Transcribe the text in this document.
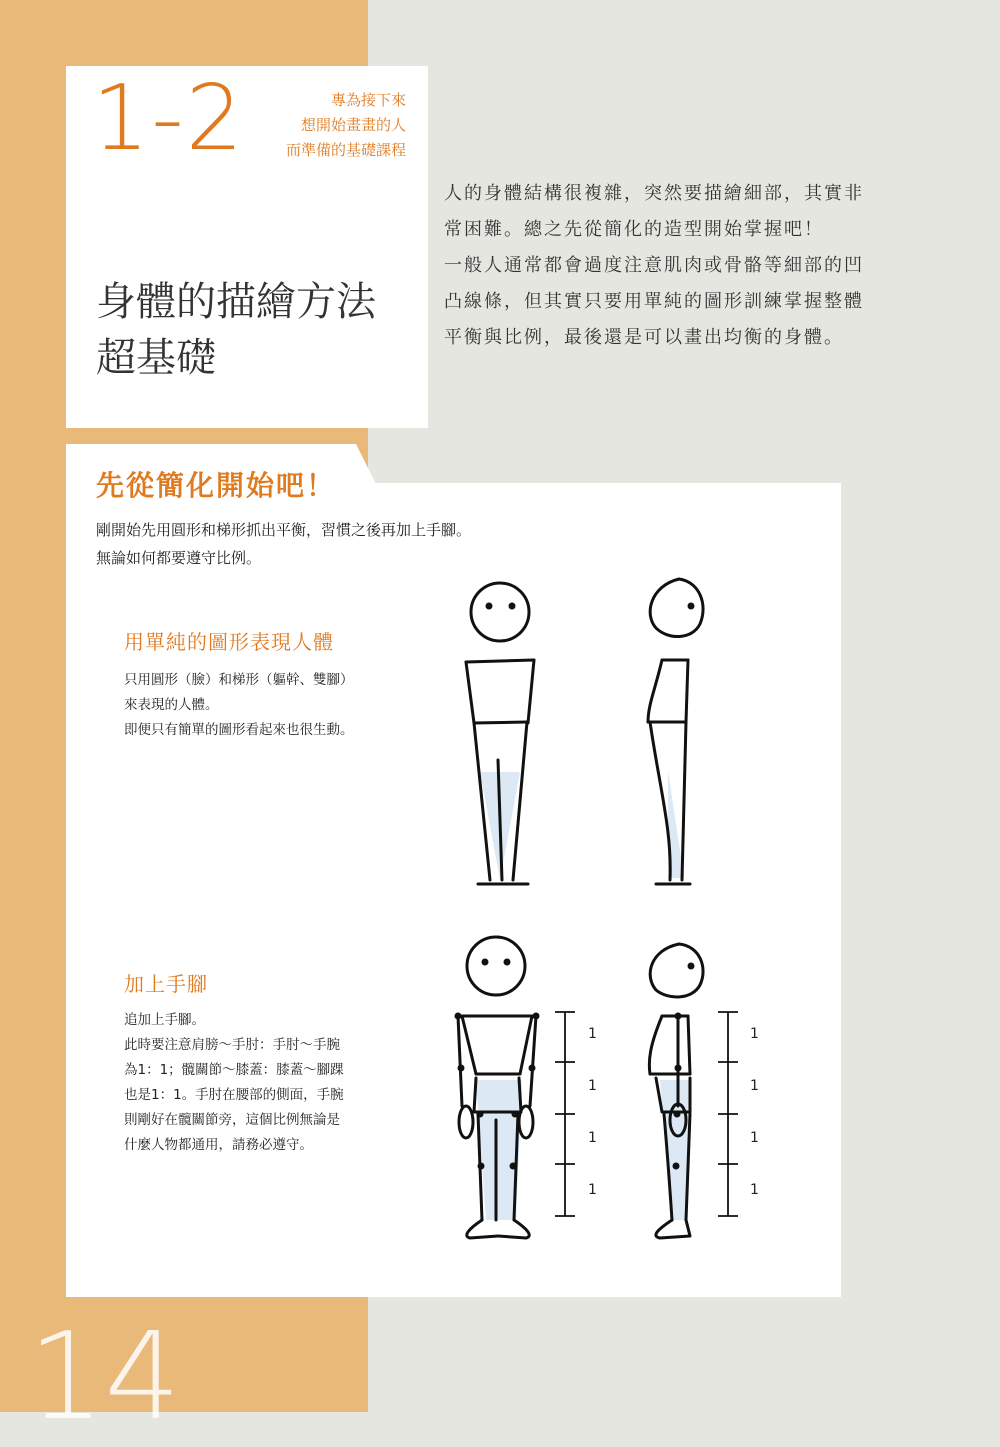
1-2	專為接下來
想開始畫畫的人
而準備的基礎課程
身體的描繪方法
超基礎

人的身體結構很複雜，突然要描繪細部，其實非常困難。總之先從簡化的造型開始掌握吧！

一般人通常都會過度注意肌肉或骨骼等細部的凹凸線條，但其實只要用單純的圖形訓練掌握整體平衡與比例，最後還是可以畫出均衡的身體。

先從簡化開始吧！

剛開始先用圓形和梯形抓出平衡，習慣之後再加上手腳。

無論如何都要遵守比例。

用單純的圖形表現人體

只用圓形（臉）和梯形（軀幹、雙腳）

來表現的人體。

即便只有簡單的圖形看起來也很生動。

加上手腳

追加上手腳。

此時要注意肩膀～手肘：手肘～手腕

為1：1；髖關節～膝蓋：膝蓋～腳踝

也是1：1。手肘在腰部的側面，手腕

則剛好在髖關節旁，這個比例無論是

什麼人物都通用，請務必遵守。

1
1
1
1
1
1
1
1
14
